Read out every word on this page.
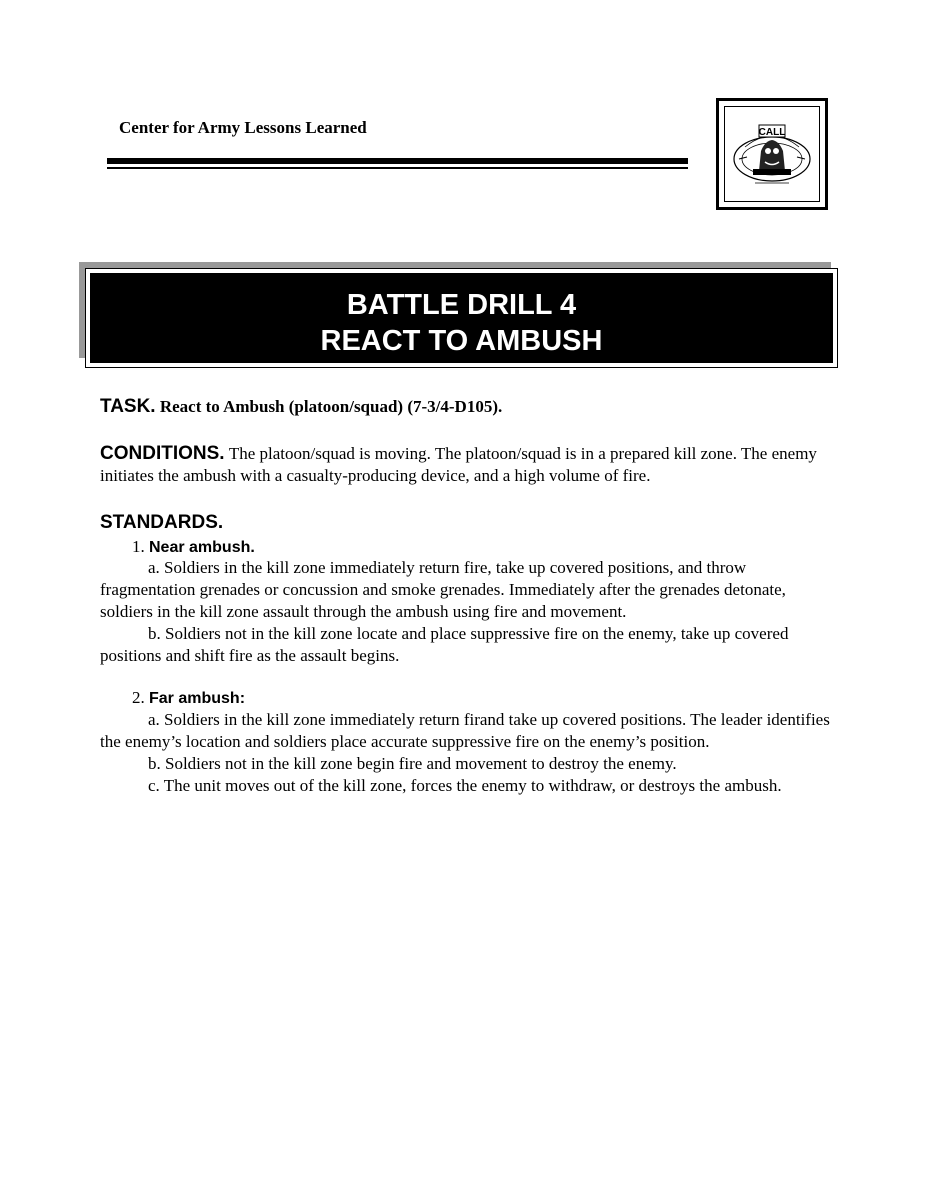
Center for Army Lessons Learned	CALL
BATTLE DRILL 4
REACT TO AMBUSH
TASK. React to Ambush (platoon/squad) (7-3/4-D105).
CONDITIONS. The platoon/squad is moving. The platoon/squad is in a prepared kill zone. The enemy initiates the ambush with a casualty-producing device, and a high volume of fire.
STANDARDS.
1. Near ambush.
a. Soldiers in the kill zone immediately return fire, take up covered positions, and throw fragmentation grenades or concussion and smoke grenades. Immediately after the grenades detonate, soldiers in the kill zone assault through the ambush using fire and movement.
b. Soldiers not in the kill zone locate and place suppressive fire on the enemy, take up covered positions and shift fire as the assault begins.
2. Far ambush:
a. Soldiers in the kill zone immediately return firand take up covered positions. The leader identifies the enemy’s location and soldiers place accurate suppressive fire on the enemy’s position.
b. Soldiers not in the kill zone begin fire and movement to destroy the enemy.
c. The unit moves out of the kill zone, forces the enemy to withdraw, or destroys the ambush.
